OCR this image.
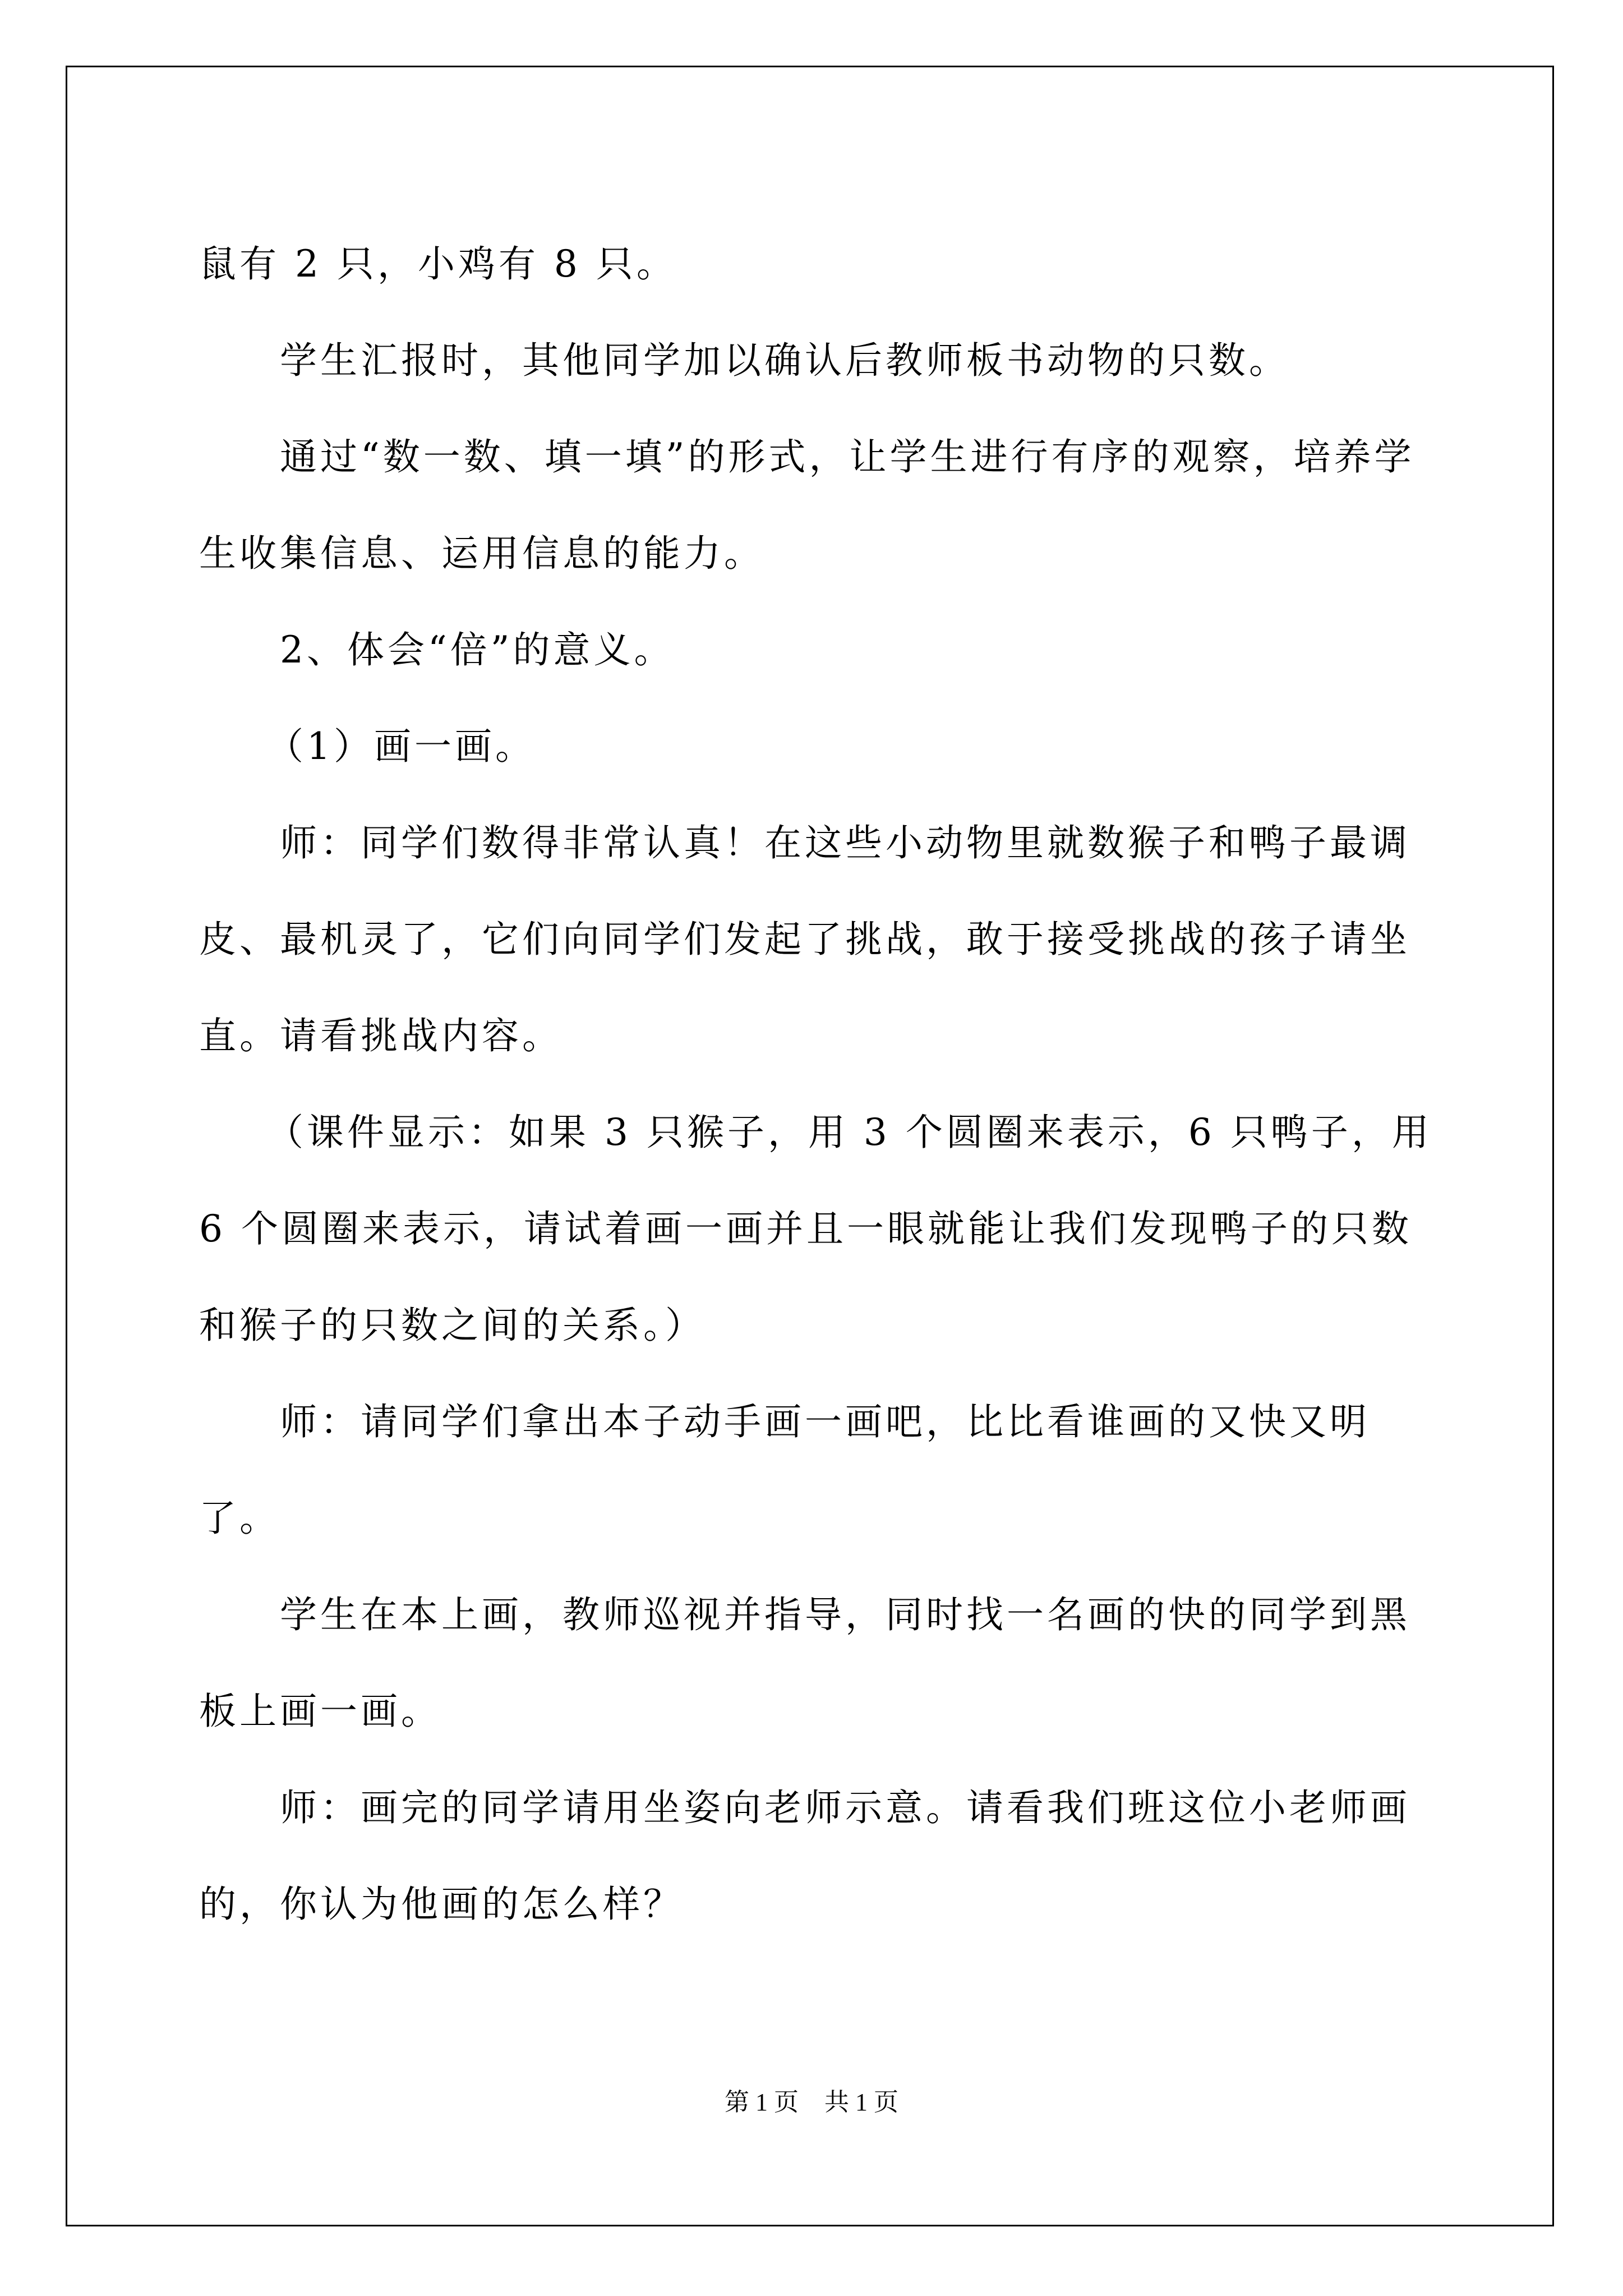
鼠有 2 只，小鸡有 8 只。

学生汇报时，其他同学加以确认后教师板书动物的只数。

通过“数一数、填一填”的形式，让学生进行有序的观察，培养学生收集信息、运用信息的能力。

2、体会“倍”的意义。

（1）画一画。

师：同学们数得非常认真！在这些小动物里就数猴子和鸭子最调皮、最机灵了，它们向同学们发起了挑战，敢于接受挑战的孩子请坐直。请看挑战内容。

（课件显示：如果 3 只猴子，用 3 个圆圈来表示，6 只鸭子，用 6 个圆圈来表示，请试着画一画并且一眼就能让我们发现鸭子的只数和猴子的只数之间的关系。）

师：请同学们拿出本子动手画一画吧，比比看谁画的又快又明了。

学生在本上画，教师巡视并指导，同时找一名画的快的同学到黑板上画一画。

师：画完的同学请用坐姿向老师示意。请看我们班这位小老师画的，你认为他画的怎么样？

第 1 页 共 1 页
